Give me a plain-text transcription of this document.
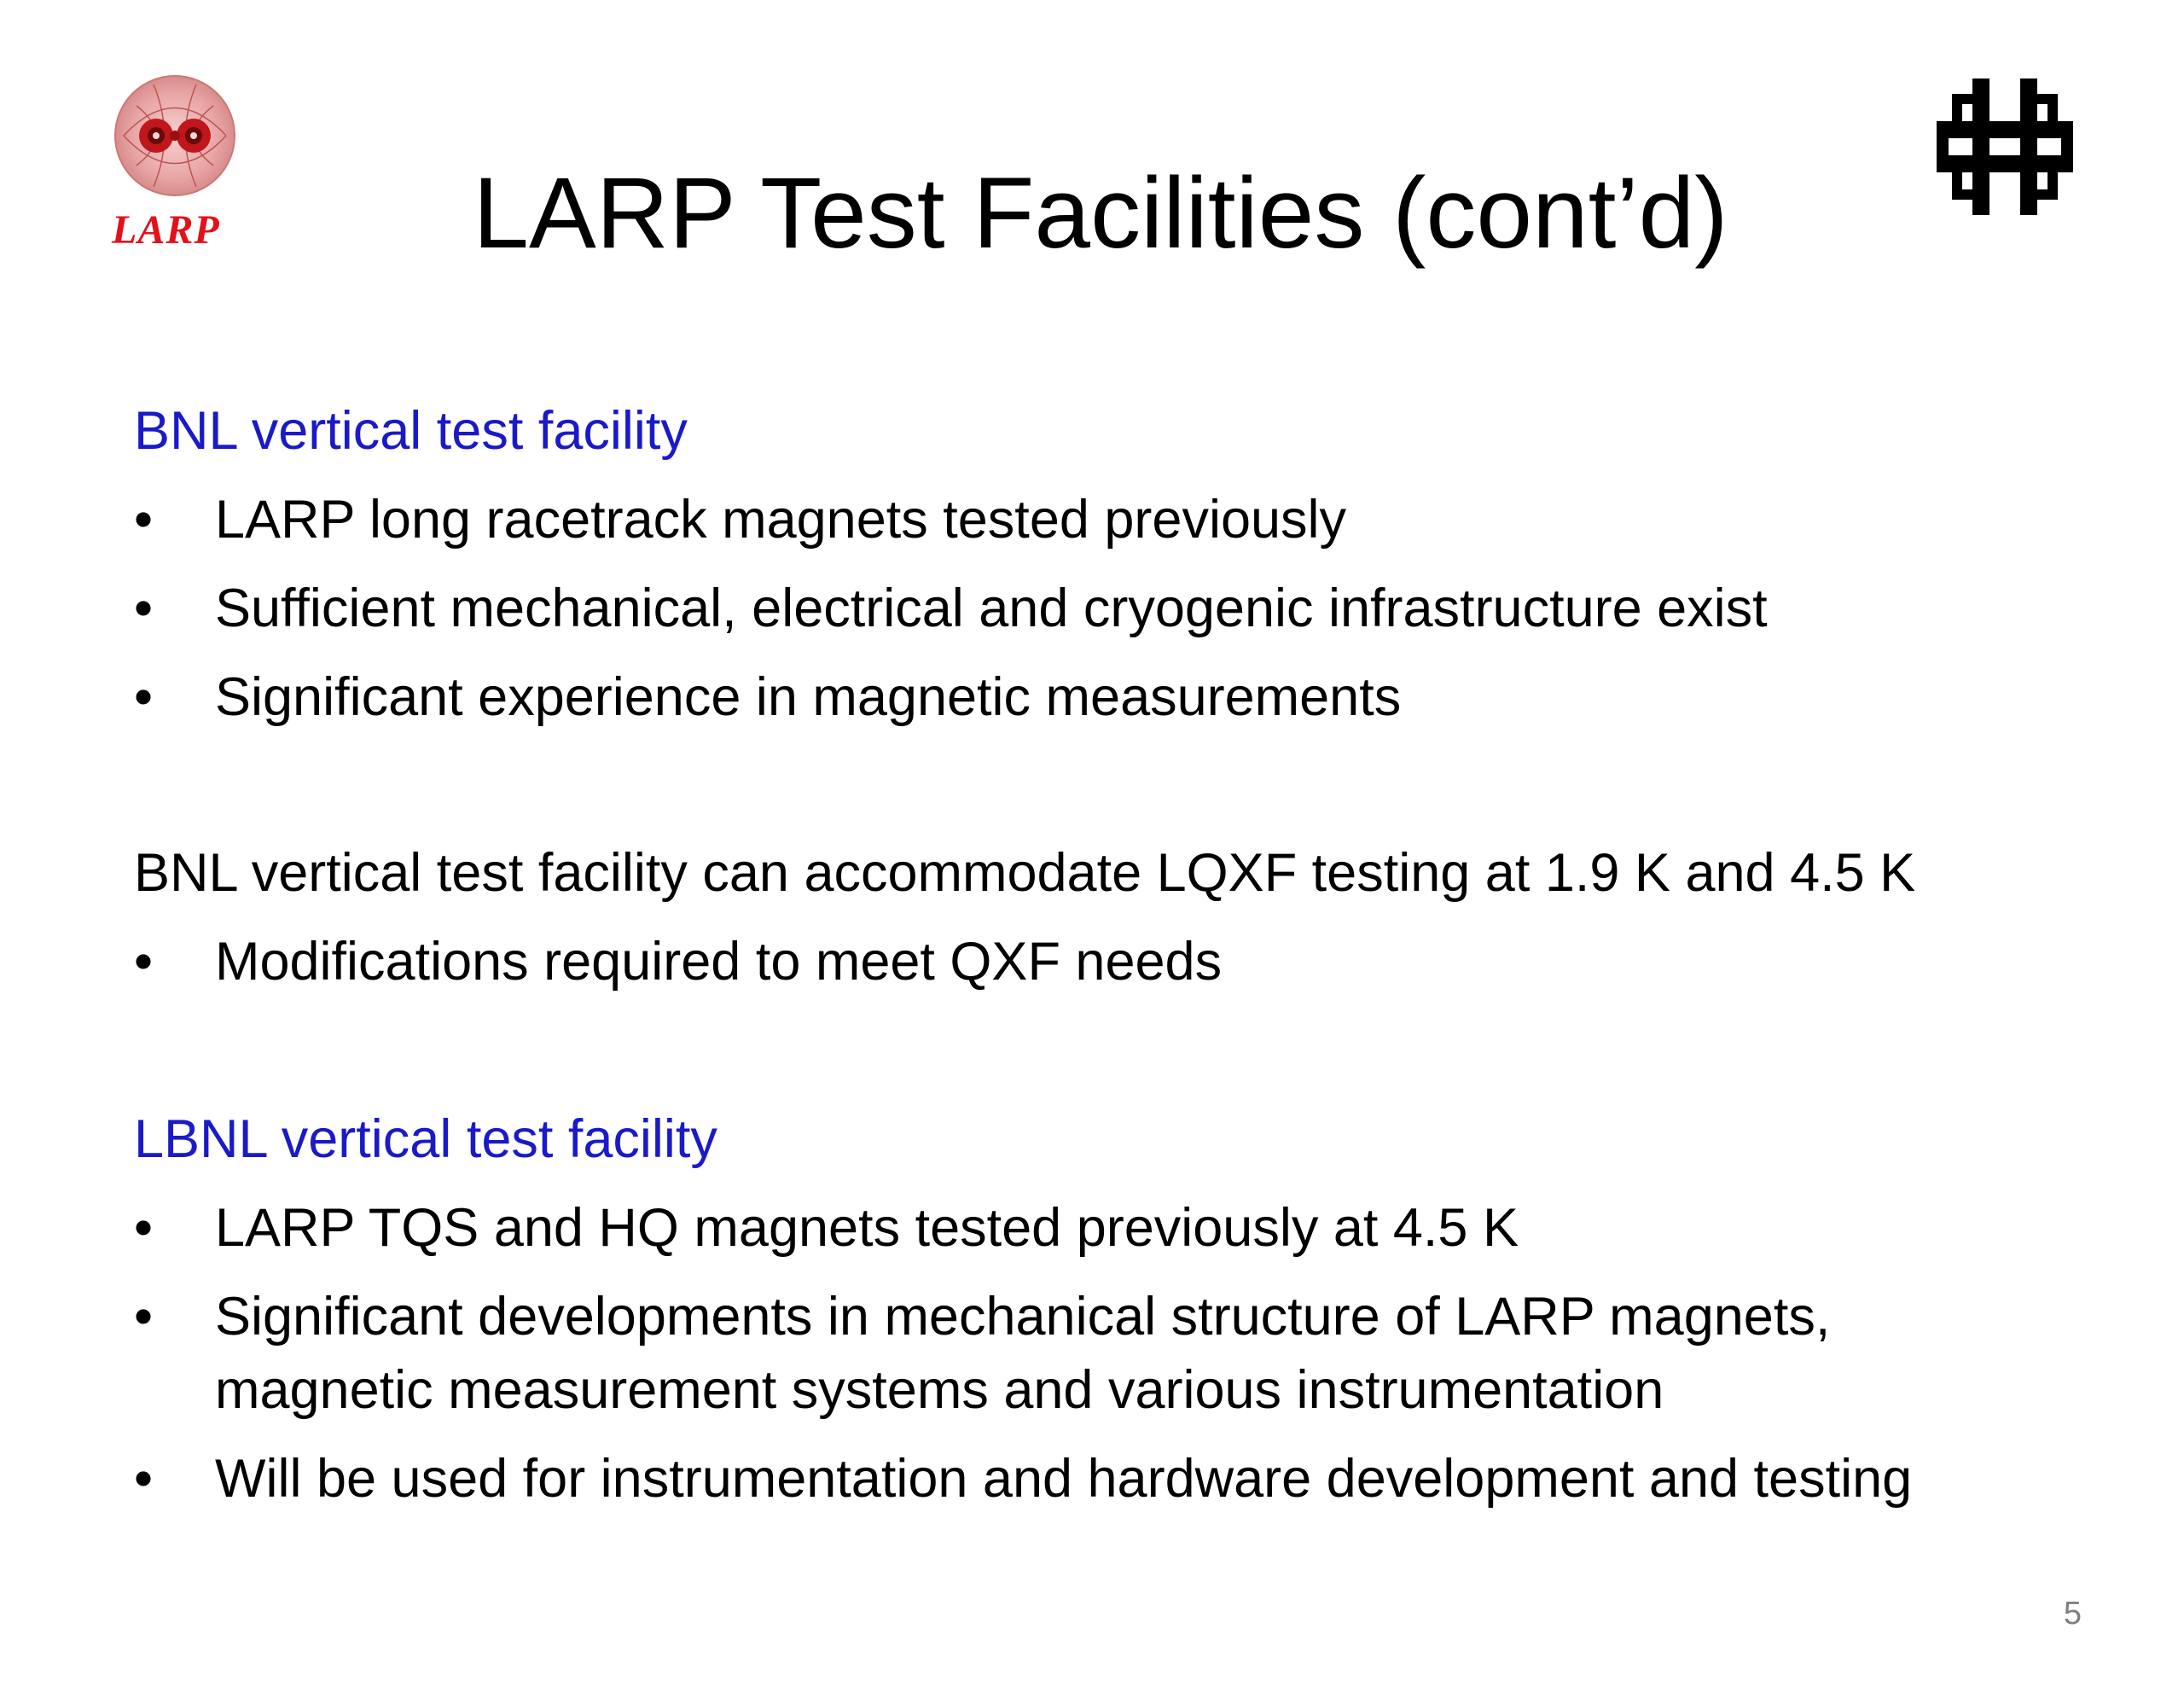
LARP	LARP Test Facilities (cont’d)
BNL vertical test facility
• LARP long racetrack magnets tested previously
• Sufficient mechanical, electrical and cryogenic infrastructure exist
• Significant experience in magnetic measurements
BNL vertical test facility can accommodate LQXF testing at 1.9 K and 4.5 K
• Modifications required to meet QXF needs
LBNL vertical test facility
• LARP TQS and HQ magnets tested previously at 4.5 K
• Significant developments in mechanical structure of LARP magnets,
magnetic measurement systems and various instrumentation
• Will be used for instrumentation and hardware development and testing
5
